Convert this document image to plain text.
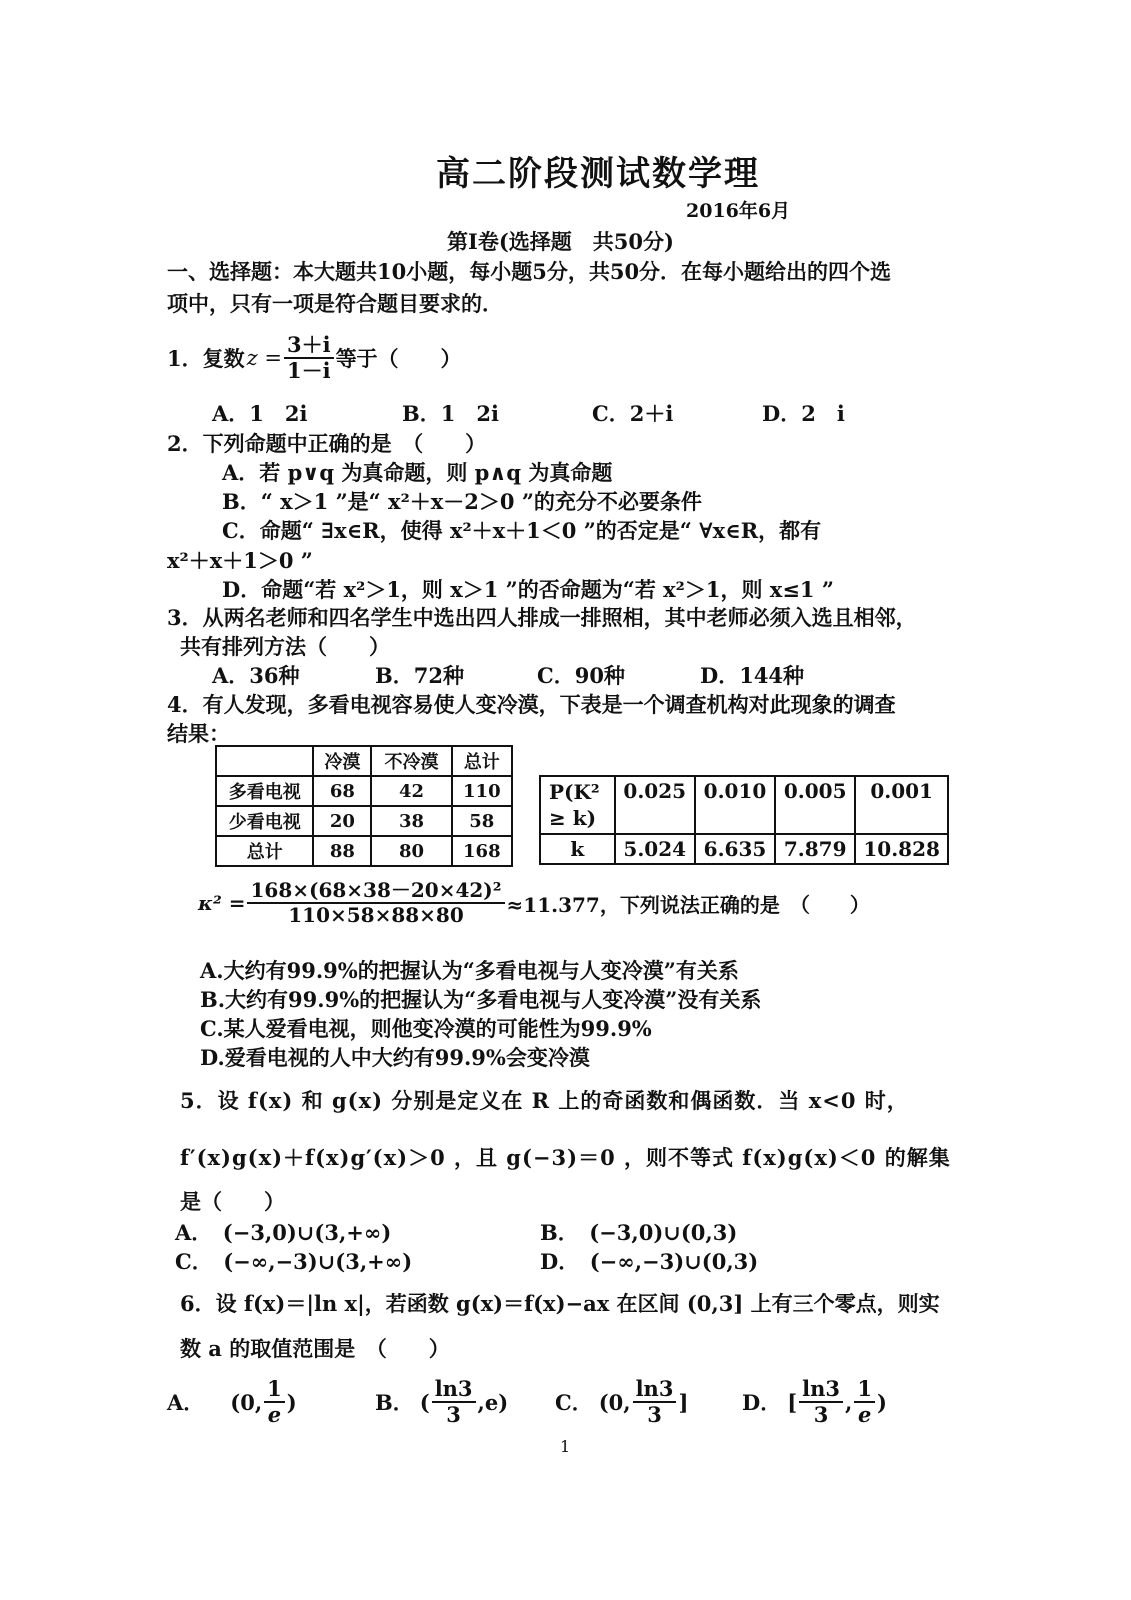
高二阶段测试数学理
2016年6月
第Ⅰ卷(选择题　共50分)
一、选择题：本大题共10小题，每小题5分，共50分．在每小题给出的四个选
项中，只有一项是符合题目要求的．
1．复数 $z = \frac{3+i}{1-i}$ 等于（　　）
A．1　2i	B．1　2i	C．2＋i	D．2　i
2．下列命题中正确的是　（　　）
A．若 p∨q 为真命题，则 p∧q 为真命题
B．“ x＞1 ”是“ x²＋x－2＞0 ”的充分不必要条件
C．命题“ ∃x∈R，使得 x²＋x＋1＜0 ”的否定是“ ∀x∈R，都有
x²＋x＋1＞0 ”
D．命题“若 x²＞1，则 x＞1 ”的否命题为“若 x²＞1，则 x≤1 ”
3．从两名老师和四名学生中选出四人排成一排照相，其中老师必须入选且相邻，
共有排列方法（　　）
A．36种	B．72种	C．90种	D．144种
4．有人发现，多看电视容易使人变冷漠，下表是一个调查机构对此现象的调查
结果：
	冷漠	不冷漠	总计
多看电视	68	42	110
少看电视	20	38	58
总计	88	80	168
P(K²
≥ k)	0.025	0.010	0.005	0.001
k	5.024	6.635	7.879	10.828
$\kappa^2 = \frac{\text{168×(68×38－20×42)²}}{110\times 58\times 88\times 80} \approx 11.377$，下列说法正确的是　（　　）
A.大约有99.9%的把握认为“多看电视与人变冷漠”有关系
B.大约有99.9%的把握认为“多看电视与人变冷漠”没有关系
C.某人爱看电视，则他变冷漠的可能性为99.9%
D.爱看电视的人中大约有99.9%会变冷漠
5．设 f(x) 和 g(x) 分别是定义在 R 上的奇函数和偶函数．当 x<0 时，
f′(x)g(x)＋f(x)g′(x)＞0 ，且 g(−3)＝0 ，则不等式 f(x)g(x)＜0 的解集
是（　　）
A．　(−3,0)∪(3,+∞)	B．　(−3,0)∪(0,3)
C．　(−∞,−3)∪(3,+∞)	D．　(−∞,−3)∪(0,3)
6．设 f(x)＝|ln x|，若函数 g(x)＝f(x)−ax 在区间 (0,3] 上有三个零点，则实
数 a 的取值范围是　（　　）
A． (0, $\frac{1}{e}$ )	B． ( $\frac{\ln 3}{3} ,e$) C． (0, $\frac{\ln 3}{3}$ ]	D． [ $\frac{\ln 3}{3}$ , $\frac{1}{e}$ )
1
